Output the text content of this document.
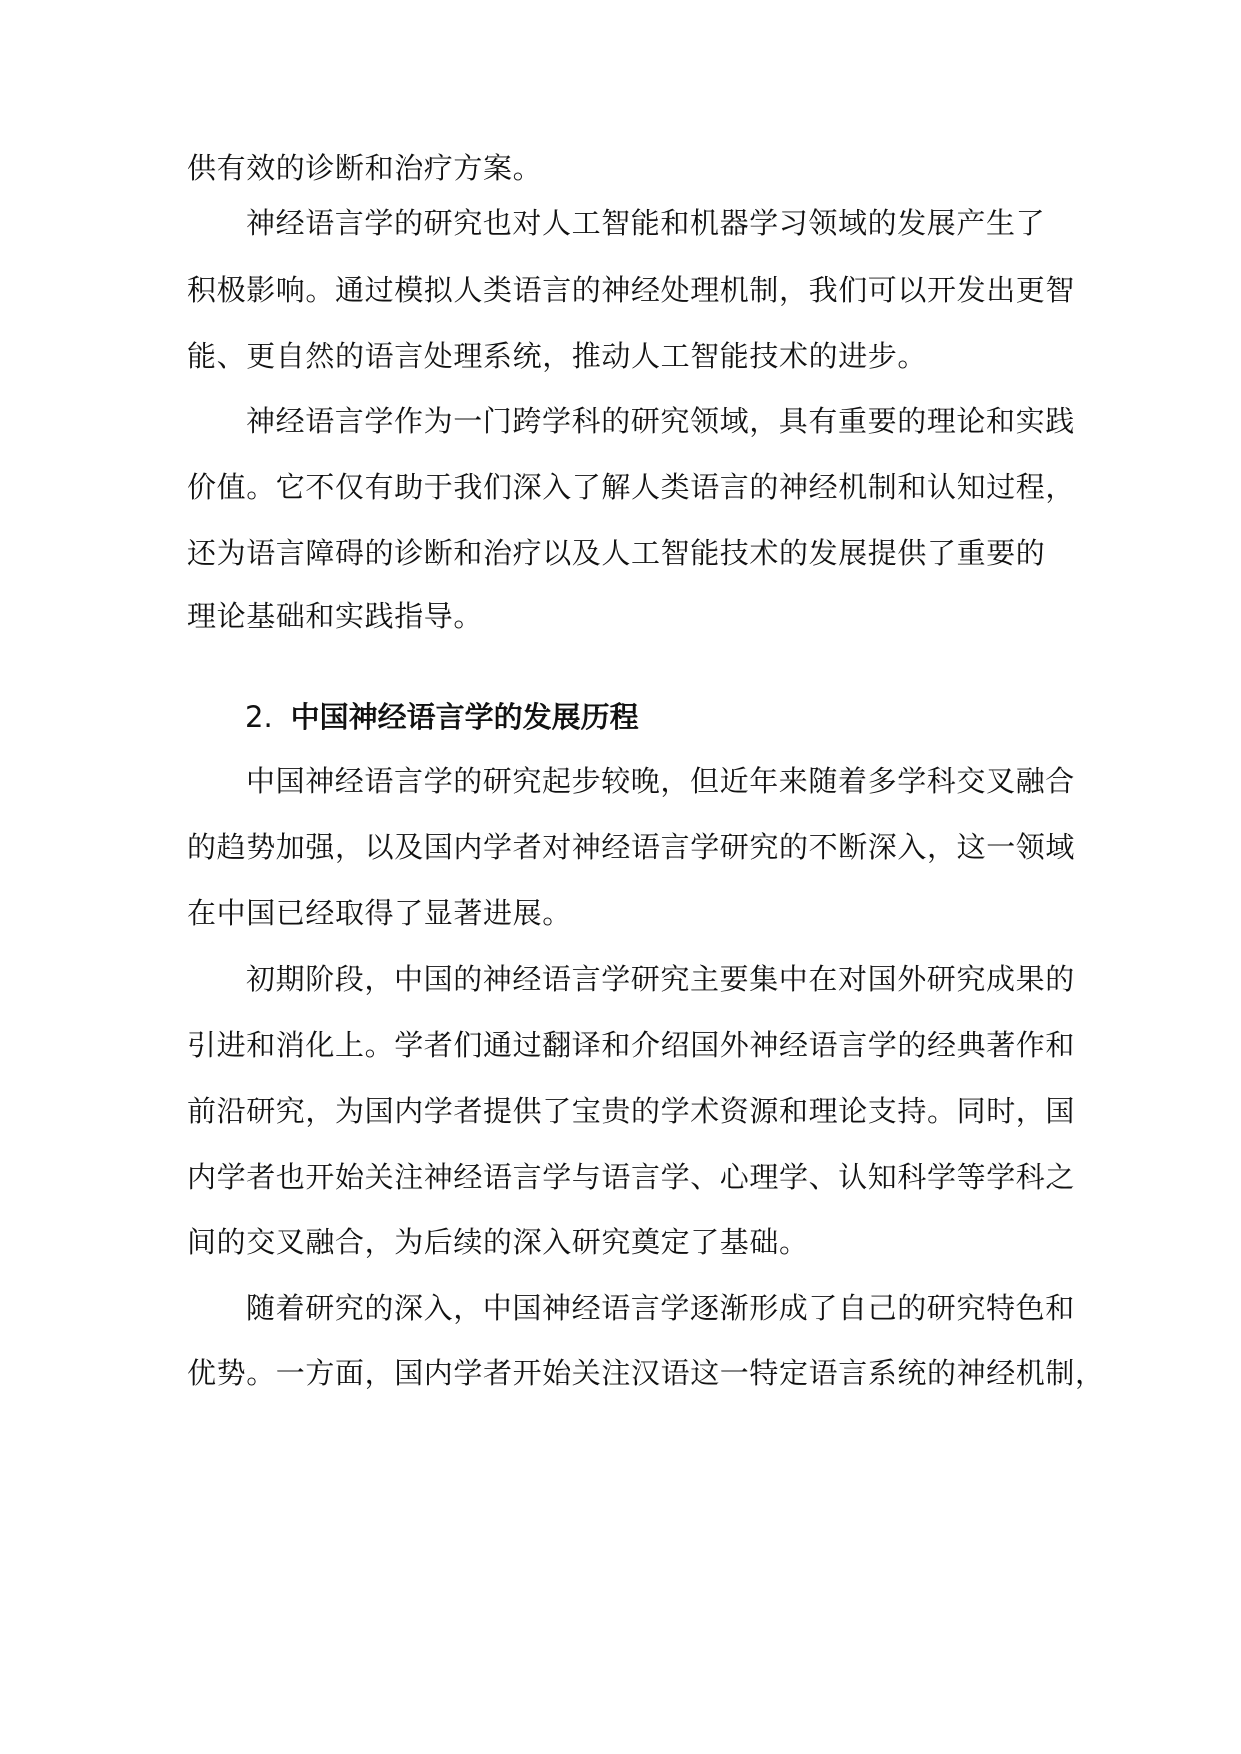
供有效的诊断和治疗方案。
神经语言学的研究也对人工智能和机器学习领域的发展产生了
积极影响。通过模拟人类语言的神经处理机制，我们可以开发出更智
能、更自然的语言处理系统，推动人工智能技术的进步。
神经语言学作为一门跨学科的研究领域，具有重要的理论和实践
价值。它不仅有助于我们深入了解人类语言的神经机制和认知过程，
还为语言障碍的诊断和治疗以及人工智能技术的发展提供了重要的
理论基础和实践指导。
2. 中国神经语言学的发展历程
中国神经语言学的研究起步较晚，但近年来随着多学科交叉融合
的趋势加强，以及国内学者对神经语言学研究的不断深入，这一领域
在中国已经取得了显著进展。
初期阶段，中国的神经语言学研究主要集中在对国外研究成果的
引进和消化上。学者们通过翻译和介绍国外神经语言学的经典著作和
前沿研究，为国内学者提供了宝贵的学术资源和理论支持。同时，国
内学者也开始关注神经语言学与语言学、心理学、认知科学等学科之
间的交叉融合，为后续的深入研究奠定了基础。
随着研究的深入，中国神经语言学逐渐形成了自己的研究特色和
优势。一方面，国内学者开始关注汉语这一特定语言系统的神经机制，
